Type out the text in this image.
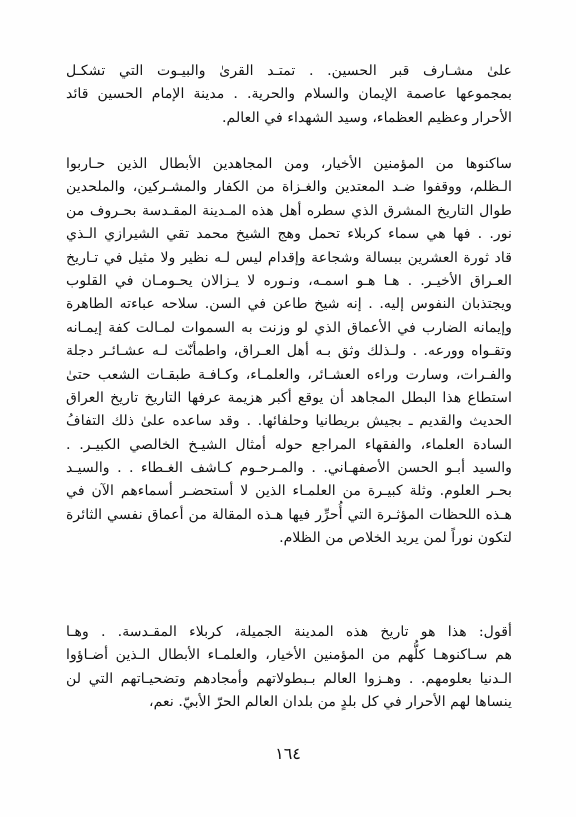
علىٰ مشـارف قبر الحسين. . تمتـد القرىٰ والبيـوت التي تشكـل
بمجموعها عاصمة الإيمان والسلام والحرية. . مدينة الإمام الحسين قائد
الأحرار وعظيم العظماء، وسيد الشهداء في العالم.
ساكنوها من المؤمنين الأخيار، ومن المجاهدين الأبطال الذين حـاربوا
الـظلم، ووقفوا ضـد المعتدين والغـزاة من الكفار والمشـركين، والملحدين
طوال التاريخ المشرق الذي سطره أهل هذه المـدينة المقـدسة بحـروف من
نور. . فها هي سماء كربلاء تحمل وهج الشيخ محمد تقي الشيرازي الـذي
قاد ثورة العشرين ببسالة وشجاعة وإقدام ليس لـه نظير ولا مثيل في تـاريخ
العـراق الأخيـر. . هـا هـو اسمـه، ونـوره لا يـزالان يحـومـان في القلوب
ويجتذبان النفوس إليه. . إنه شيخ طاعن في السن. سلاحه عباءته الطاهرة
وإيمانه الضارب في الأعماق الذي لو وزنت به السموات لمـالت كفة إيمـانه
وتقـواه وورعه. . ولـذلك وثق بـه أهل العـراق، واطمأنّت لـه عشـائـر دجلة
والفـرات، وسارت وراءه العشـائر، والعلمـاء، وكـافـة طبقـات الشعب حتىٰ
استطاع هذا البطل المجاهد أن يوقع أكبر هزيمة عرفها التاريخ تاريخ العراق
الحديث والقديم ـ بجيش بريطانيا وحلفائها. . وقد ساعده علىٰ ذلك التفافُ
السادة العلماء، والفقهاء المراجع حوله أمثال الشيـخ الخالصي الكبيـر. .
والسيد أبـو الحسن الأصفهـاني. . والمـرحـوم كـاشف الغـطاء . . والسيـد
بحـر العلوم. وثلة كبيـرة من العلمـاء الذين لا أستحضـر أسماءهم الآن في
هـذه اللحظات المؤثـرة التي أُحرِّر فيها هـذه المقالة من أعماق نفسي الثائرة
لتكون نوراً لمن يريد الخلاص من الظلام.
أقول: هذا هو تاريخ هذه المدينة الجميلة، كربلاء المقـدسة. . وهـا
هم سـاكنوهـا كلُّهم من المؤمنين الأخيار، والعلمـاء الأبطال الـذين أضـاؤوا
الـدنيا بعلومهم. . وهـزوا العالم بـبطولاتهم وأمجادهم وتضحيـاتهم التي لن
ينساها لهم الأحرار في كل بلدٍ من بلدان العالم الحرّ الأبيّ. نعم،
١٦٤
